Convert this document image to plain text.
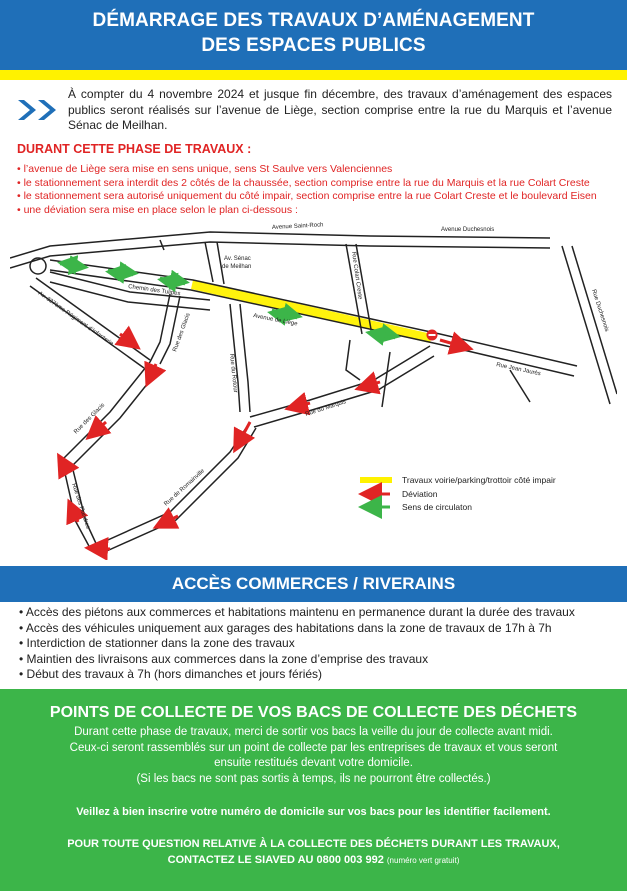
DÉMARRAGE DES TRAVAUX D’AMÉNAGEMENT
DES ESPACES PUBLICS

À compter du 4 novembre 2024 et jusque fin décembre, des travaux d’aménagement des espaces publics seront réalisés sur l’avenue de Liège, section comprise entre la rue du Marquis et l’avenue Sénac de Meilhan.

DURANT CETTE PHASE DE TRAVAUX :
• l’avenue de Liège sera mise en sens unique, sens St Saulve vers Valenciennes
• le stationnement sera interdit des 2 côtés de la chaussée, section comprise entre la rue du Marquis et la rue Colart Creste
• le stationnement sera autorisé uniquement du côté impair, section comprise entre la rue Colart Creste et le boulevard Eisen
• une déviation sera mise en place selon le plan ci-dessous :
Avenue Saint-Roch	Avenue Duchesnois
Av. Sénac
de Meilhan	Rue Colart Creste
Rue Duchesnois
Chemin des Tulipes
Av. 327ème Régiment d’Infanterie	Rue des Glacis	Avenue de Liège
Rue Jean Jaurès
Rue du Rotour
Rue du Marquis
Rue des Glacis
Rue de Romainville
Rue des Flandres
Travaux voirie/parking/trottoir côté impair
Déviation
Sens de circulaton
ACCÈS COMMERCES / RIVERAINS
• Accès des piétons aux commerces et habitations maintenu en permanence durant la durée des travaux
• Accès des véhicules uniquement aux garages des habitations dans la zone de travaux de 17h à 7h
• Interdiction de stationner dans la zone des travaux
• Maintien des livraisons aux commerces dans la zone d’emprise des travaux
• Début des travaux à 7h (hors dimanches et jours fériés)
POINTS DE COLLECTE DE VOS BACS DE COLLECTE DES DÉCHETS
Durant cette phase de travaux, merci de sortir vos bacs la veille du jour de collecte avant midi.
Ceux-ci seront rassemblés sur un point de collecte par les entreprises de travaux et vous seront
ensuite restitués devant votre domicile.
(Si les bacs ne sont pas sortis à temps, ils ne pourront être collectés.)
Veillez à bien inscrire votre numéro de domicile sur vos bacs pour les identifier facilement.
POUR TOUTE QUESTION RELATIVE À LA COLLECTE DES DÉCHETS DURANT LES TRAVAUX,
CONTACTEZ LE SIAVED AU 0800 003 992 (numéro vert gratuit)
